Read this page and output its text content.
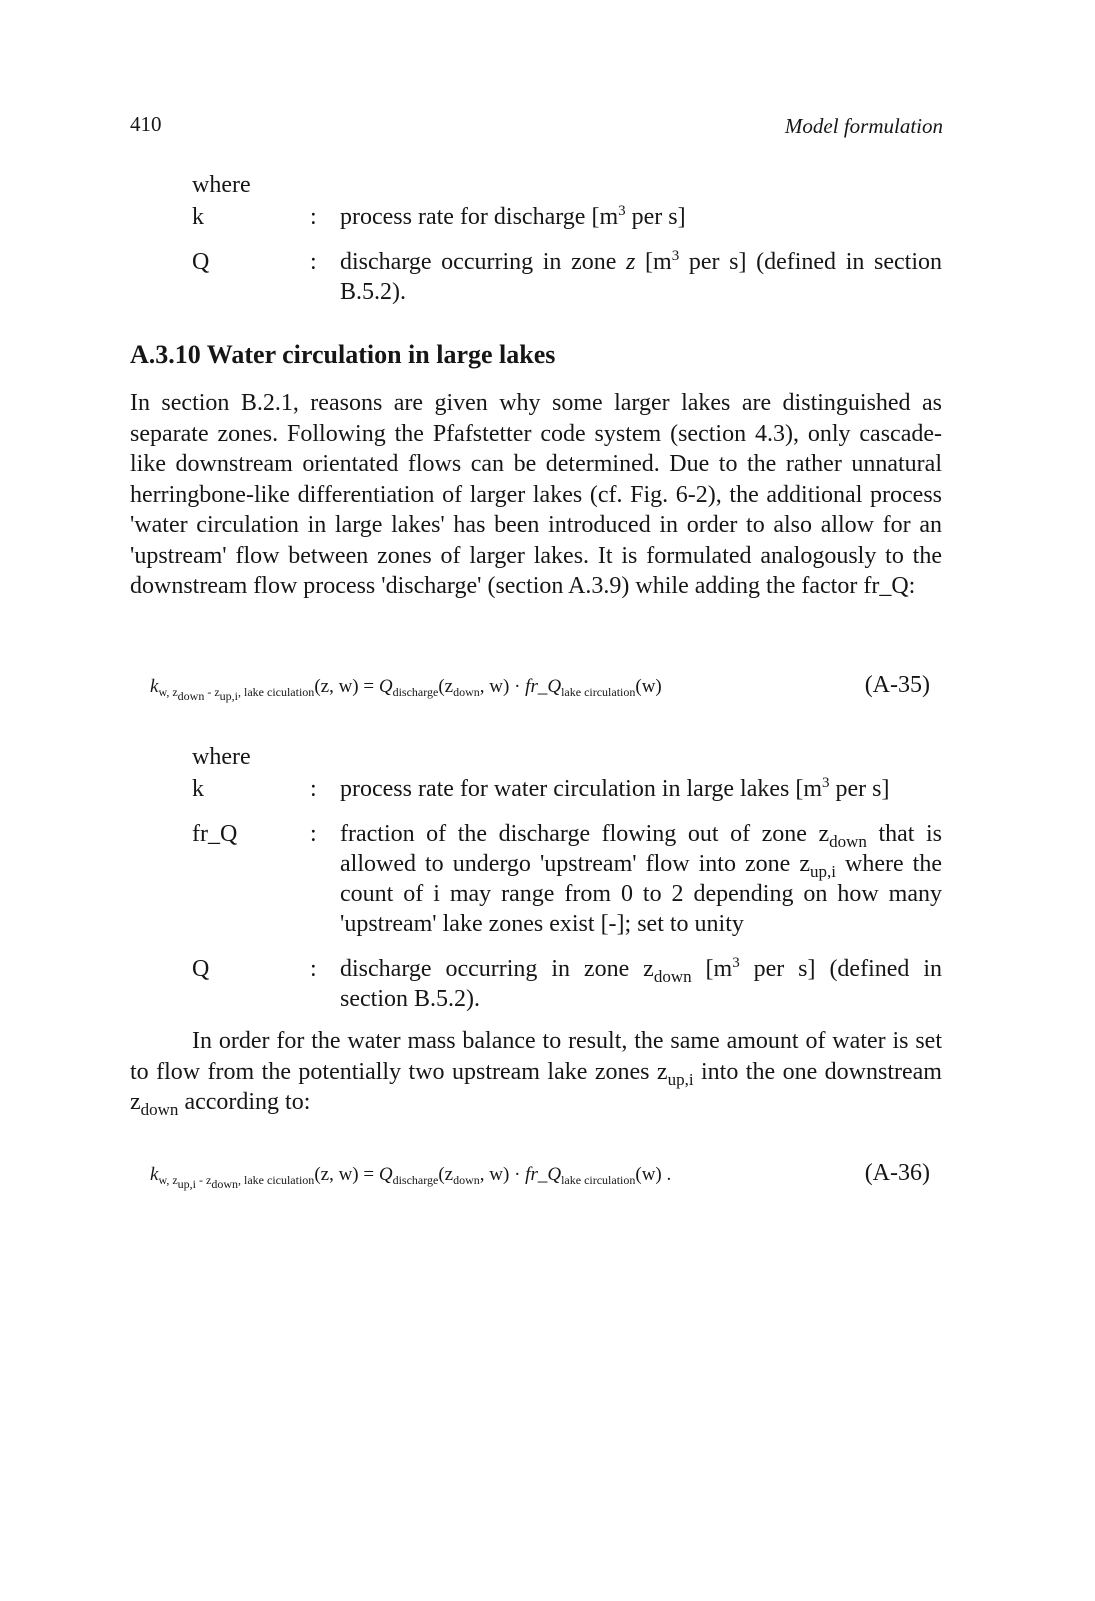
410	Model formulation
where
k	: process rate for discharge [$m^3$ per s]
Q	: discharge occurring in zone z [$m^3$ per s] (defined in section B.5.2).
A.3.10 Water circulation in large lakes

In section B.2.1, reasons are given why some larger lakes are distinguished as separate zones. Following the Pfafstetter code system (section 4.3), only cascade-like downstream orientated flows can be determined. Due to the rather unnatural herringbone-like differentiation of larger lakes (cf. Fig. 6-2), the additional process 'water circulation in large lakes' has been introduced in order to also allow for an 'upstream' flow between zones of larger lakes. It is formulated analogously to the downstream flow process 'discharge' (section A.3.9) while adding the factor fr_Q:

$k_{w, z_{down} - z_{up,i}, lake ciculation}(z$, $w) = Q_{discharge}(z_{down}$, $w) \cdot fr\_Q_{lake circulation}(w)$	(A-35)
where
k	: process rate for water circulation in large lakes [$m^3$ per s]
fr_Q	: fraction of the discharge flowing out of zone $z_{down}$ that is allowed to undergo 'upstream' flow into zone $z_{up,i}$ where the count of i may range from 0 to 2 depending on how many 'upstream' lake zones exist [-]; set to unity
Q	: discharge occurring in zone $z_{down}$ [$m^3$ per s] (defined in section B.5.2).

In order for the water mass balance to result, the same amount of water is set to flow from the potentially two upstream lake zones $z_{up,i}$ into the one downstream $z_{down}$ according to:

$k_{w, z_{up,i} - z_{down}, lake ciculation}(z$, $w) = Q_{discharge}(z_{down}$, $w) \cdot fr\_Q_{lake circulation}(w)$ .	(A-36)
